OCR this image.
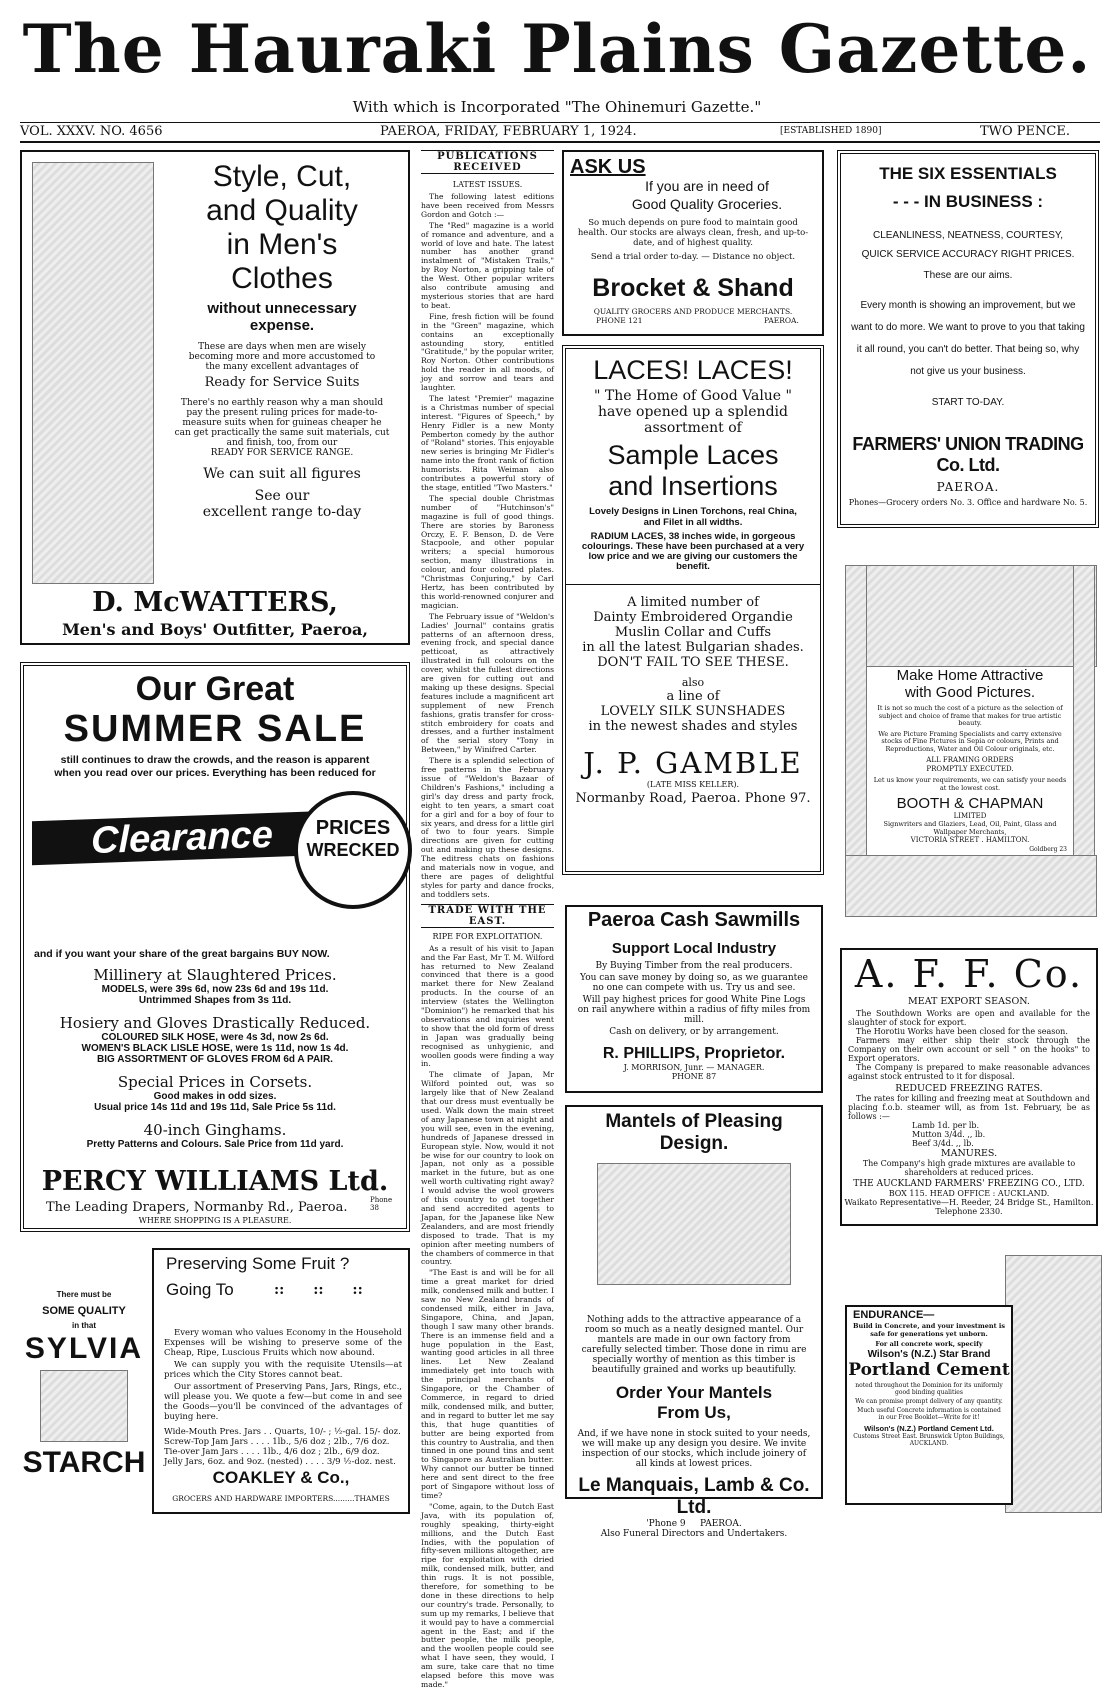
The Hauraki Plains Gazette.
With which is Incorporated "The Ohinemuri Gazette."
VOL. XXXV. NO. 4656	PAEROA, FRIDAY, FEBRUARY 1, 1924.	[ESTABLISHED 1890]	TWO PENCE.
Style, Cut,
and Quality
in Men's
Clothes
without unnecessary
expense.

These are days when men are wisely becoming more and more accustomed to the many excellent advantages of

Ready for Service Suits

There's no earthly reason why a man should pay the present ruling prices for made-to-measure suits when for guineas cheaper he can get practically the same suit materials, cut and finish, too, from our

READY FOR SERVICE RANGE.
We can suit all figures
See our
excellent range to-day
D. McWATTERS,
Men's and Boys' Outfitter, Paeroa,
Our Great
SUMMER SALE
still continues to draw the crowds, and the reason is apparent
when you read over our prices. Everything has been reduced for
Clearance	PRICES
WRECKED
and if you want your share of the great bargains BUY NOW.
Millinery at Slaughtered Prices.
MODELS, were 39s 6d, now 23s 6d and 19s 11d.
Untrimmed Shapes from 3s 11d.
Hosiery and Gloves Drastically Reduced.
COLOURED SILK HOSE, were 4s 3d, now 2s 6d.
WOMEN'S BLACK LISLE HOSE, were 1s 11d, now 1s 4d.
BIG ASSORTMENT OF GLOVES FROM 6d A PAIR.
Special Prices in Corsets.
Good makes in odd sizes.
Usual price 14s 11d and 19s 11d, Sale Price 5s 11d.
40-inch Ginghams.
Pretty Patterns and Colours. Sale Price from 11d yard.
PERCY WILLIAMS Ltd.
The Leading Drapers, Normanby Rd., Paeroa.	Phone 38
WHERE SHOPPING IS A PLEASURE.
There must be
SOME QUALITY
in that
SYLVIA
STARCH
Preserving Some Fruit ?
Going To	:: :: ::

Every woman who values Economy in the Household Expenses will be wishing to preserve some of the Cheap, Ripe, Luscious Fruits which now abound.

We can supply you with the requisite Utensils—at prices which the City Stores cannot beat.

Our assortment of Preserving Pans, Jars, Rings, etc., will please you. We quote a few—but come in and see the Goods—you'll be convinced of the advantages of buying here.

Wide-Mouth Pres. Jars . . Quarts, 10/- ; ½-gal. 15/- doz.

Screw-Top Jam Jars . . . . 1lb., 5/6 doz ; 2lb., 7/6 doz.

Tie-over Jam Jars . . . . 1lb., 4/6 doz ; 2lb., 6/9 doz.

Jelly Jars, 6oz. and 9oz. (nested) . . . . 3/9 ½-doz. nest.

COAKLEY & Co.,
GROCERS AND HARDWARE IMPORTERS.........THAMES
PUBLICATIONS RECEIVED
LATEST ISSUES.

The following latest editions have been received from Messrs Gordon and Gotch :—

The "Red" magazine is a world of romance and adventure, and a world of love and hate. The latest number has another grand instalment of "Mistaken Trails," by Roy Norton, a gripping tale of the West. Other popular writers also contribute amusing and mysterious stories that are hard to beat.

Fine, fresh fiction will be found in the "Green" magazine, which contains an exceptionally astounding story, entitled "Gratitude," by the popular writer, Roy Norton. Other contributions hold the reader in all moods, of joy and sorrow and tears and laughter.

The latest "Premier" magazine is a Christmas number of special interest. "Figures of Speech," by Henry Fidler is a new Monty Pemberton comedy by the author of "Roland" stories. This enjoyable new series is bringing Mr Fidler's name into the front rank of fiction humorists. Rita Weiman also contributes a powerful story of the stage, entitled "Two Masters."

The special double Christmas number of "Hutchinson's" magazine is full of good things. There are stories by Baroness Orczy, E. F. Benson, D. de Vere Stacpoole, and other popular writers; a special humorous section, many illustrations in colour, and four coloured plates. "Christmas Conjuring," by Carl Hertz, has been contributed by this world-renowned conjurer and magician.

The February issue of "Weldon's Ladies' Journal" contains gratis patterns of an afternoon dress, evening frock, and special dance petticoat, as attractively illustrated in full colours on the cover, whilst the fullest directions are given for cutting out and making up these designs. Special features include a magnificent art supplement of new French fashions, gratis transfer for cross-stitch embroidery for coats and dresses, and a further instalment of the serial story "Tony in Between," by Winifred Carter.

There is a splendid selection of free patterns in the February issue of "Weldon's Bazaar of Children's Fashions," including a girl's day dress and party frock, eight to ten years, a smart coat for a girl and for a boy of four to six years, and dress for a little girl of two to four years. Simple directions are given for cutting out and making up these designs. The editress chats on fashions and materials now in vogue, and there are pages of delightful styles for party and dance frocks, and toddlers sets.

TRADE WITH THE EAST.
RIPE FOR EXPLOITATION.

As a result of his visit to Japan and the Far East, Mr T. M. Wilford has returned to New Zealand convinced that there is a good market there for New Zealand products. In the course of an interview (states the Wellington "Dominion") he remarked that his observations and inquiries went to show that the old form of dress in Japan was gradually being recognised as unhygienic, and woollen goods were finding a way in.

The climate of Japan, Mr Wilford pointed out, was so largely like that of New Zealand that our dress must eventually be used. Walk down the main street of any Japanese town at night and you will see, even in the evening, hundreds of Japanese dressed in European style. Now, would it not be wise for our country to look on Japan, not only as a possible market in the future, but as one well worth cultivating right away? I would advise the wool growers of this country to get together and send accredited agents to Japan, for the Japanese like New Zealanders, and are most friendly disposed to trade. That is my opinion after meeting numbers of the chambers of commerce in that country.

"The East is and will be for all time a great market for dried milk, condensed milk and butter. I saw no New Zealand brands of condensed milk, either in Java, Singapore, China, and Japan, though I saw many other brands. There is an immense field and a huge population in the East, wanting good articles in all three lines. Let New Zealand immediately get into touch with the principal merchants of Singapore, or the Chamber of Commerce, in regard to dried milk, condensed milk, and butter, and in regard to butter let me say this, that huge quantities of butter are being exported from this country to Australia, and then tinned in one pound tins and sent to Singapore as Australian butter. Why cannot our butter be tinned here and sent direct to the free port of Singapore without loss of time?

"Come, again, to the Dutch East Java, with its population of, roughly speaking, thirty-eight millions, and the Dutch East Indies, with the population of fifty-seven millions altogether, are ripe for exploitation with dried milk, condensed milk, butter, and thin rugs. It is not possible, therefore, for something to be done in these directions to help our country's trade. Personally, to sum up my remarks, I believe that it would pay to have a commercial agent in the East; and if the butter people, the milk people, and the woollen people could see what I have seen, they would, I am sure, take care that no time elapsed before this move was made."

ASK US
If you are in need of
Good Quality Groceries.
So much depends on pure food to maintain good health. Our stocks are always clean, fresh, and up-to-date, and of highest quality.
Send a trial order to-day. — Distance no object.
Brocket & Shand
QUALITY GROCERS AND PRODUCE MERCHANTS.
PHONE 121	PAEROA.
LACES! LACES!
" The Home of Good Value "
have opened up a splendid assortment of
Sample Laces
and Insertions
Lovely Designs in Linen Torchons, real China, and Filet in all widths.
RADIUM LACES, 38 inches wide, in gorgeous colourings. These have been purchased at a very low price and we are giving our customers the benefit.
A limited number of
Dainty Embroidered Organdie
Muslin Collar and Cuffs
in all the latest Bulgarian shades.
DON'T FAIL TO SEE THESE.
also
a line of
LOVELY SILK SUNSHADES
in the newest shades and styles
J. P. GAMBLE
(LATE MISS KELLER).
Normanby Road, Paeroa. Phone 97.
Paeroa Cash Sawmills
Support Local Industry
By Buying Timber from the real producers.
You can save money by doing so, as we guarantee no one can compete with us. Try us and see.
Will pay highest prices for good White Pine Logs on rail anywhere within a radius of fifty miles from mill.
Cash on delivery, or by arrangement.
R. PHILLIPS, Proprietor.
J. MORRISON, Junr. — MANAGER.
PHONE 87
Mantels of Pleasing
Design.
Nothing adds to the attractive appearance of a room so much as a neatly designed mantel. Our mantels are made in our own factory from carefully selected timber. Those done in rimu are specially worthy of mention as this timber is beautifully grained and works up beautifully.
Order Your Mantels
From Us,
And, if we have none in stock suited to your needs, we will make up any design you desire. We invite inspection of our stocks, which include joinery of all kinds at lowest prices.
Le Manquais, Lamb & Co. Ltd.
'Phone 9 PAEROA.
Also Funeral Directors and Undertakers.
THE SIX ESSENTIALS
- - - IN BUSINESS :
CLEANLINESS, NEATNESS, COURTESY,
QUICK SERVICE ACCURACY RIGHT PRICES.
These are our aims.
Every month is showing an improvement, but we want to do more. We want to prove to you that taking it all round, you can't do better. That being so, why not give us your business.
START TO-DAY.
FARMERS' UNION TRADING Co. Ltd.
PAEROA.
Phones—Grocery orders No. 3. Office and hardware No. 5.
Make Home Attractive
with Good Pictures.
It is not so much the cost of a picture as the selection of subject and choice of frame that makes for true artistic beauty.
We are Picture Framing Specialists and carry extensive stocks of Fine Pictures in Sepia or colours, Prints and Reproductions, Water and Oil Colour originals, etc.
ALL FRAMING ORDERS
PROMPTLY EXECUTED.
Let us know your requirements, we can satisfy your needs at the lowest cost.
BOOTH & CHAPMAN
LIMITED
Signwriters and Glaziers, Lead, Oil, Paint, Glass and Wallpaper Merchants,
VICTORIA STREET . HAMILTON.
Goldberg 23
A. F. F. Co.
MEAT EXPORT SEASON.

The Southdown Works are open and available for the slaughter of stock for export.

The Horotiu Works have been closed for the season.

Farmers may either ship their stock through the Company on their own account or sell " on the hooks" to Export operators.

The Company is prepared to make reasonable advances against stock entrusted to it for disposal.

REDUCED FREEZING RATES.
The rates for killing and freezing meat at Southdown and placing f.o.b. steamer will, as from 1st. February, be as follows :—
Lamb 1d. per lb.
Mutton 3/4d. ,, lb.
Beef 3/4d. ,, lb.
MANURES.
The Company's high grade mixtures are available to shareholders at reduced prices.
THE AUCKLAND FARMERS' FREEZING CO., LTD.
BOX 115. HEAD OFFICE : AUCKLAND.
Waikato Representative—H. Reeder, 24 Bridge St., Hamilton.
Telephone 2330.
ENDURANCE—
Build in Concrete, and your investment is safe for generations yet unborn.
For all concrete work, specify
Wilson's (N.Z.) Star Brand
Portland Cement
noted throughout the Dominion for its uniformly good binding qualities
We can promise prompt delivery of any quantity.
Much useful Concrete information is contained in our Free Booklet—Write for it!
Wilson's (N.Z.) Portland Cement Ltd.
Customs Street East. Brunswick Upton Buildings, AUCKLAND.
